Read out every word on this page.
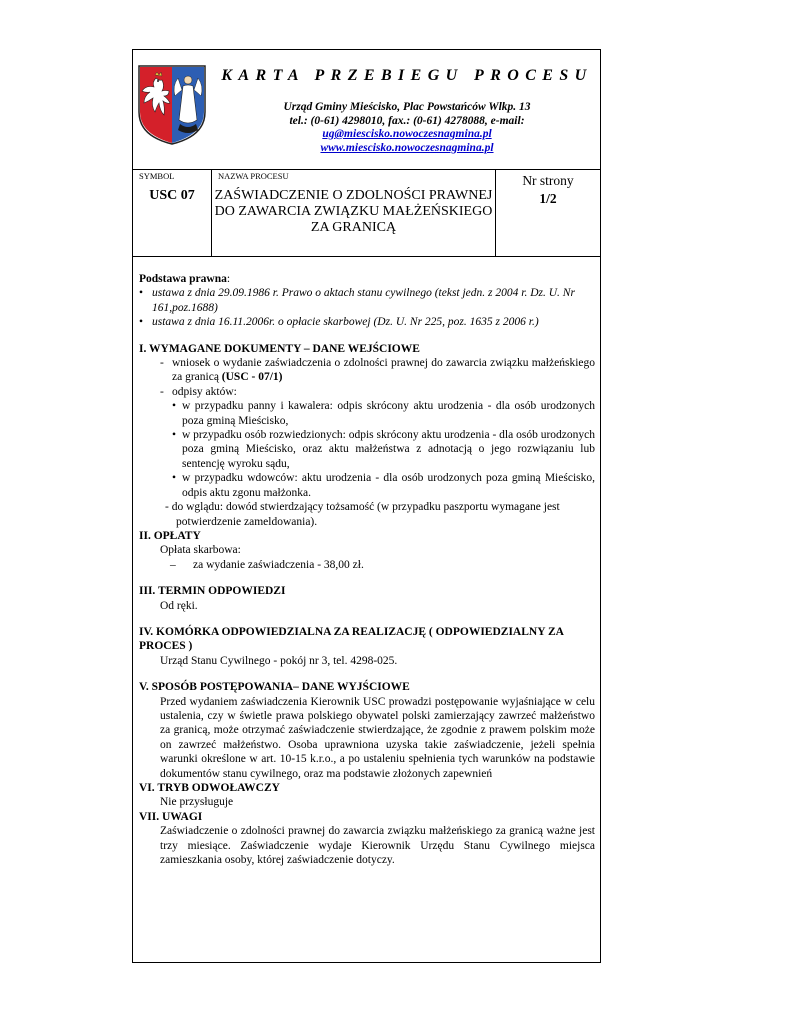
KARTA PRZEBIEGU PROCESU
Urząd Gminy Mieścisko, Plac Powstańców Wlkp. 13
tel.: (0-61) 4298010, fax.: (0-61) 4278088, e-mail:
ug@miescisko.nowoczesnagmina.pl
www.miescisko.nowoczesnagmina.pl
SYMBOL
USC 07
NAZWA PROCESU
ZAŚWIADCZENIE O ZDOLNOŚCI PRAWNEJ DO ZAWARCIA ZWIĄZKU MAŁŻEŃSKIEGO ZA GRANICĄ
Nr strony
1/2

Podstawa prawna:

• ustawa z dnia 29.09.1986 r. Prawo o aktach stanu cywilnego (tekst jedn. z 2004 r. Dz. U. Nr 161,poz.1688)

• ustawa z dnia 16.11.2006r. o opłacie skarbowej (Dz. U. Nr 225, poz. 1635 z 2006 r.)

I. WYMAGANE DOKUMENTY – DANE WEJŚCIOWE

- wniosek o wydanie zaświadczenia o zdolności prawnej do zawarcia związku małżeńskiego za granicą (USC - 07/1)

- odpisy aktów:

• w przypadku panny i kawalera: odpis skrócony aktu urodzenia - dla osób urodzonych poza gminą Mieścisko,

• w przypadku osób rozwiedzionych: odpis skrócony aktu urodzenia - dla osób urodzonych poza gminą Mieścisko, oraz aktu małżeństwa z adnotacją o jego rozwiązaniu lub sentencję wyroku sądu,

• w przypadku wdowców: aktu urodzenia - dla osób urodzonych poza gminą Mieścisko, odpis aktu zgonu małżonka.

- do wglądu: dowód stwierdzający tożsamość (w przypadku paszportu wymagane jest potwierdzenie zameldowania).

II. OPŁATY

Opłata skarbowa:

– za wydanie zaświadczenia - 38,00 zł.

III. TERMIN ODPOWIEDZI

Od ręki.

IV. KOMÓRKA ODPOWIEDZIALNA ZA REALIZACJĘ ( ODPOWIEDZIALNY ZA PROCES )

Urząd Stanu Cywilnego - pokój nr 3, tel. 4298-025.

V. SPOSÓB POSTĘPOWANIA– DANE WYJŚCIOWE

Przed wydaniem zaświadczenia Kierownik USC prowadzi postępowanie wyjaśniające w celu ustalenia, czy w świetle prawa polskiego obywatel polski zamierzający zawrzeć małżeństwo za granicą, może otrzymać zaświadczenie stwierdzające, że zgodnie z prawem polskim może on zawrzeć małżeństwo. Osoba uprawniona uzyska takie zaświadczenie, jeżeli spełnia warunki określone w art. 10-15 k.r.o., a po ustaleniu spełnienia tych warunków na podstawie dokumentów stanu cywilnego, oraz ma podstawie złożonych zapewnień

VI. TRYB ODWOŁAWCZY

Nie przysługuje

VII. UWAGI

Zaświadczenie o zdolności prawnej do zawarcia związku małżeńskiego za granicą ważne jest trzy miesiące. Zaświadczenie wydaje Kierownik Urzędu Stanu Cywilnego miejsca zamieszkania osoby, której zaświadczenie dotyczy.
